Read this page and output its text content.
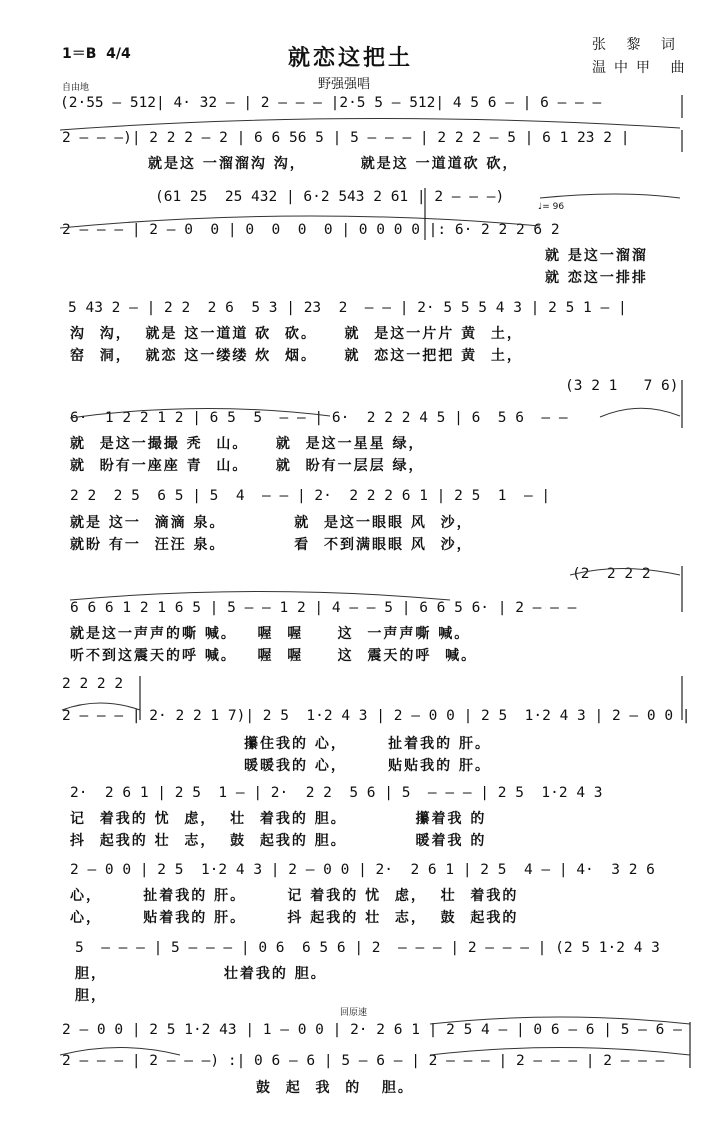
1＝B  4/4	就恋这把土
野强强唱
张 黎 词
温中甲 曲
自由地
(2·55 – 512| 4· 32 – | 2 – – – |2·5 5 – 512| 4 5 6 – | 6 – – –
2 – – –)| 2 2 2 – 2 | 6 6 56 5 | 5 – – – | 2 2 2 – 5 | 6 1 23 2 |
就是这 一溜溜沟 沟，        就是这 一道道砍 砍，
(61 25  25 432 | 6·2 543 2 61 | 2 – – –)
♩= 96
2 – – – | 2 – 0  0 | 0  0  0  0 | 0 0 0 0 |: 6· 2 2 2 6 2
就 是这一溜溜
就 恋这一排排
5 43 2 – | 2 2  2 6  5 3 | 23  2  – – | 2· 5 5 5 4 3 | 2 5 1 – |
沟  沟，  就是 这一道道 砍  砍。    就  是这一片片 黄  土，
窑  洞，  就恋 这一缕缕 炊  烟。    就  恋这一把把 黄  土，
(3 2 1   7 6)
6·  1 2 2 1 2 | 6 5  5  – – | 6·  2 2 2 4 5 | 6  5 6  – –
就  是这一撮撮 秃  山。    就  是这一星星 绿，
就  盼有一座座 青  山。    就  盼有一层层 绿，
2 2  2 5  6 5 | 5  4  – – | 2·  2 2 2 6 1 | 2 5  1  – |
就是 这一  滴滴 泉。          就  是这一眼眼 风  沙，
就盼 有一  汪汪 泉。          看  不到满眼眼 风  沙，
(2  2 2 2
6 6 6 1 2 1 6 5 | 5 – – 1 2 | 4 – – 5 | 6 6 5 6· | 2 – – –
就是这一声声的嘶 喊。   喔  喔     这  一声声嘶 喊。
听不到这震天的呼 喊。   喔  喔     这  震天的呼  喊。
2 2 2 2
2 – – – | 2· 2 2 1 7)| 2 5  1·2 4 3 | 2 – 0 0 | 2 5  1·2 4 3 | 2 – 0 0 |
攥住我的 心，      扯着我的 肝。
暖暖我的 心，      贴贴我的 肝。
2·  2 6 1 | 2 5  1 – | 2·  2 2  5 6 | 5  – – – | 2 5  1·2 4 3
记  着我的 忧  虑，  壮  着我的 胆。          攥着我 的
抖  起我的 壮  志，  鼓  起我的 胆。          暖着我 的
2 – 0 0 | 2 5  1·2 4 3 | 2 – 0 0 | 2·  2 6 1 | 2 5  4 – | 4·  3 2 6
心，      扯着我的 肝。      记 着我的 忧  虑，  壮  着我的
心，      贴着我的 肝。      抖 起我的 壮  志，  鼓  起我的
5  – – – | 5 – – – | 0 6  6 5 6 | 2  – – – | 2 – – – | (2 5 1·2 4 3
胆，                 壮着我的 胆。
胆，
回原速
2 – 0 0 | 2 5 1·2 43 | 1 – 0 0 | 2· 2 6 1 | 2 5 4 – | 0 6 – 6 | 5 – 6 –
2 – – – | 2 – – –) :| 0 6 – 6 | 5 – 6 – | 2 – – – | 2 – – – | 2 – – –
鼓  起  我  的   胆。
